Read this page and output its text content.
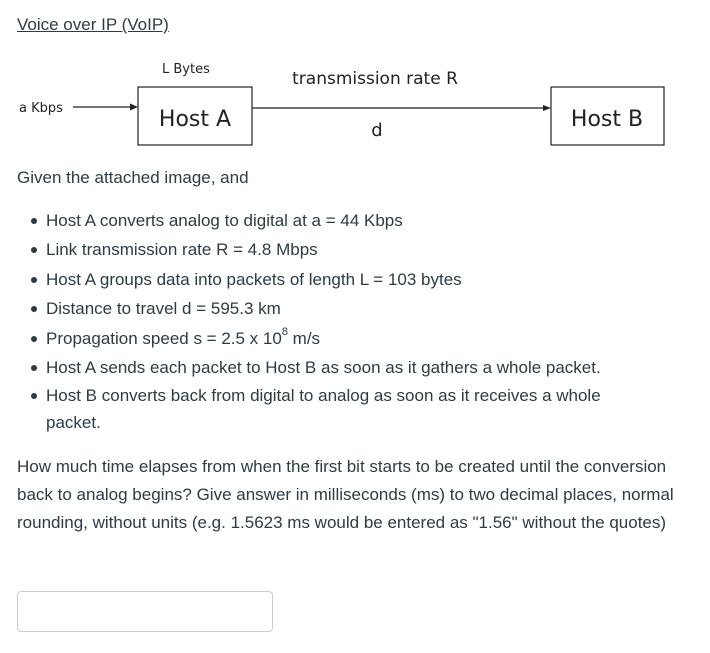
Voice over IP (VoIP)
a Kbps
L Bytes
Host A
transmission rate R
d	Host B

Given the attached image, and

Host A converts analog to digital at a = 44 Kbps
Link transmission rate R = 4.8 Mbps
Host A groups data into packets of length L = 103 bytes
Distance to travel d = 595.3 km
Propagation speed s = 2.5 x $10^8$ m/s
Host A sends each packet to Host B as soon as it gathers a whole packet.
Host B converts back from digital to analog as soon as it receives a whole packet.

How much time elapses from when the first bit starts to be created until the conversion back to analog begins? Give answer in milliseconds (ms) to two decimal places, normal rounding, without units (e.g. 1.5623 ms would be entered as "1.56" without the quotes)
